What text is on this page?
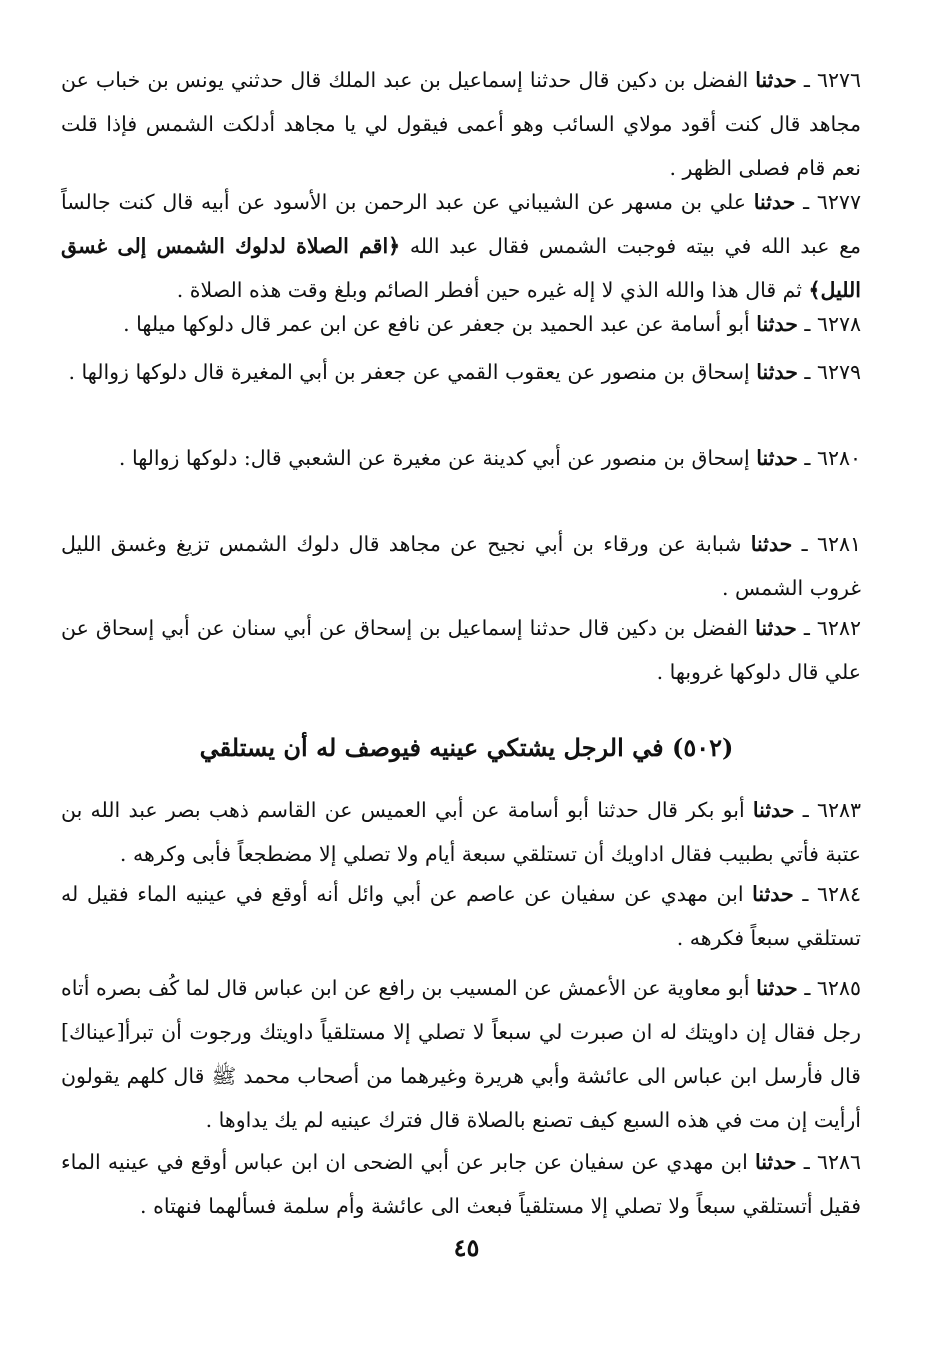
٦٢٧٦ ـ حدثنا الفضل بن دكين قال حدثنا إسماعيل بن عبد الملك قال حدثني يونس بن خباب عن مجاهد قال كنت أقود مولاي السائب وهو أعمى فيقول لي يا مجاهد أدلكت الشمس فإذا قلت نعم قام فصلى الظهر .
٦٢٧٧ ـ حدثنا علي بن مسهر عن الشيباني عن عبد الرحمن بن الأسود عن أبيه قال كنت جالساً مع عبد الله في بيته فوجبت الشمس فقال عبد الله ﴿اقم الصلاة لدلوك الشمس إلى غسق الليل﴾ ثم قال هذا والله الذي لا إله غيره حين أفطر الصائم وبلغ وقت هذه الصلاة .
٦٢٧٨ ـ حدثنا أبو أسامة عن عبد الحميد بن جعفر عن نافع عن ابن عمر قال دلوكها ميلها .
٦٢٧٩ ـ حدثنا إسحاق بن منصور عن يعقوب القمي عن جعفر بن أبي المغيرة قال دلوكها زوالها .
٦٢٨٠ ـ حدثنا إسحاق بن منصور عن أبي كدينة عن مغيرة عن الشعبي قال: دلوكها زوالها .
٦٢٨١ ـ حدثنا شبابة عن ورقاء بن أبي نجيح عن مجاهد قال دلوك الشمس تزيغ وغسق الليل غروب الشمس .
٦٢٨٢ ـ حدثنا الفضل بن دكين قال حدثنا إسماعيل بن إسحاق عن أبي سنان عن أبي إسحاق عن علي قال دلوكها غروبها .
(٥٠٢) في الرجل يشتكي عينيه فيوصف له أن يستلقي
٦٢٨٣ ـ حدثنا أبو بكر قال حدثنا أبو أسامة عن أبي العميس عن القاسم ذهب بصر عبد الله بن عتبة فأتي بطبيب فقال اداويك أن تستلقي سبعة أيام ولا تصلي إلا مضطجعاً فأبى وكرهه .
٦٢٨٤ ـ حدثنا ابن مهدي عن سفيان عن عاصم عن أبي وائل أنه أوقع في عينيه الماء فقيل له تستلقي سبعاً فكرهه .
٦٢٨٥ ـ حدثنا أبو معاوية عن الأعمش عن المسيب بن رافع عن ابن عباس قال لما كُف بصره أتاه رجل فقال إن داويتك له ان صبرت لي سبعاً لا تصلي إلا مستلقياً داويتك ورجوت أن تبرأ[عيناك] قال فأرسل ابن عباس الى عائشة وأبي هريرة وغيرهما من أصحاب محمد ﷺ قال كلهم يقولون أرأيت إن مت في هذه السبع كيف تصنع بالصلاة قال فترك عينيه لم يك يداوها .
٦٢٨٦ ـ حدثنا ابن مهدي عن سفيان عن جابر عن أبي الضحى ان ابن عباس أوقع في عينيه الماء فقيل أتستلقي سبعاً ولا تصلي إلا مستلقياً فبعث الى عائشة وأم سلمة فسألهما فنهتاه .
٤٥
